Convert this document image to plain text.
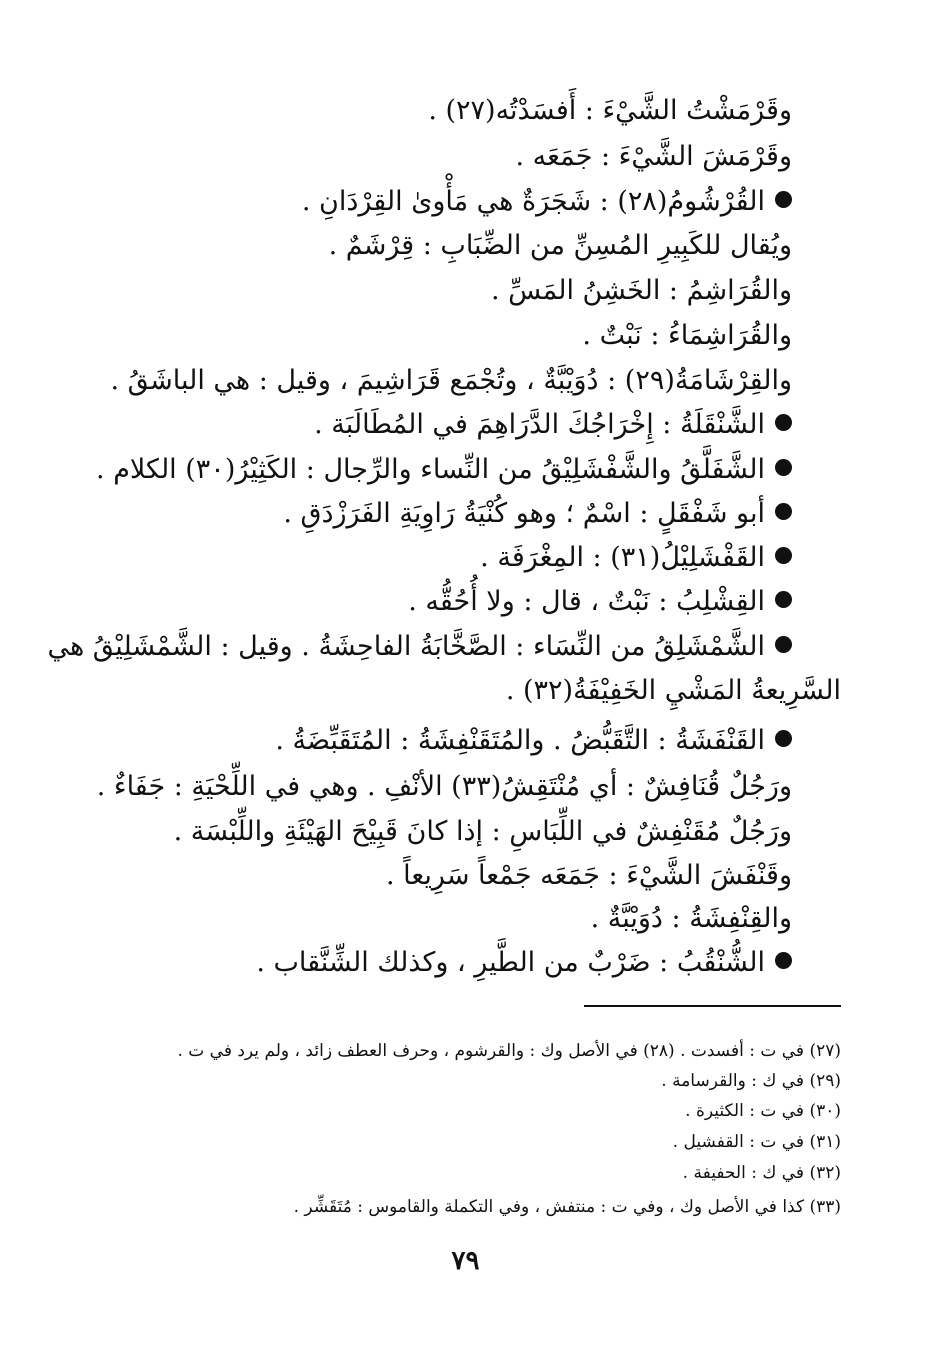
وقَرْمَشْتُ الشَّيْءَ : أَفسَدْتُه(٢٧) .
وقَرْمَشَ الشَّيْءَ : جَمَعَه .
القُرْشُومُ(٢٨) : شَجَرَةٌ هي مَأْوىٰ القِرْدَانِ .
ويُقال للكَبِيرِ المُسِنِّ من الضِّبَابِ : قِرْشَمٌ .
والقُرَاشِمُ : الخَشِنُ المَسِّ .
والقُرَاشِمَاءُ : نَبْتٌ .
والقِرْشَامَةُ(٢٩) : دُوَيْبَّةٌ ، وتُجْمَع قَرَاشِيمَ ، وقيل : هي الباشَقُ .
الشَّنْقَلَةُ : إِخْرَاجُكَ الدَّرَاهِمَ في المُطَالَبَة .
الشَّفَلَّقُ والشَّفْشَلِيْقُ من النِّساء والرِّجال : الكَثِيْرُ(٣٠) الكلام .
أبو شَفْقَلٍ : اسْمٌ ؛ وهو كُنْيَةُ رَاوِيَةِ الفَرَزْدَقِ .
القَفْشَلِيْلُ(٣١) : المِغْرَفَة .
القِشْلِبُ : نَبْتٌ ، قال : ولا أُحُقُّه .
الشَّمْشَلِقُ من النِّسَاء : الصَّخَّابَةُ الفاحِشَةُ . وقيل : الشَّمْشَلِيْقُ هي
السَّرِيعةُ المَشْيِ الخَفِيْفَةُ(٣٢) .
القَنْفَشَةُ : التَّقَبُّضُ . والمُتَقَنْفِشَةُ : المُتَقَبِّضَةُ .
ورَجُلٌ قُنَافِشٌ : أي مُنْتَقِشُ(٣٣) الأنْفِ . وهي في اللِّحْيَةِ : جَفَاءٌ .
ورَجُلٌ مُقَنْفِشٌ في اللِّبَاسِ : إذا كانَ قَبِيْحَ الهَيْئَةِ واللِّبْسَة .
وقَنْفَشَ الشَّيْءَ : جَمَعَه جَمْعاً سَرِيعاً .
والقِنْفِشَةُ : دُوَيْبَّةٌ .
الشُّنْقُبُ : ضَرْبٌ من الطَّيرِ ، وكذلك الشِّنَّقاب .
(٢٧) في ت : أفسدت . (٢٨) في الأصل وك : والقرشوم ، وحرف العطف زائد ، ولم يرد في ت .
(٢٩) في ك : والقرسامة .
(٣٠) في ت : الكثيرة .
(٣١) في ت : القفشيل .
(٣٢) في ك : الحفيفة .
(٣٣) كذا في الأصل وك ، وفي ت : منتفش ، وفي التكملة والقاموس : مُتَقَشِّر .
٧٩
